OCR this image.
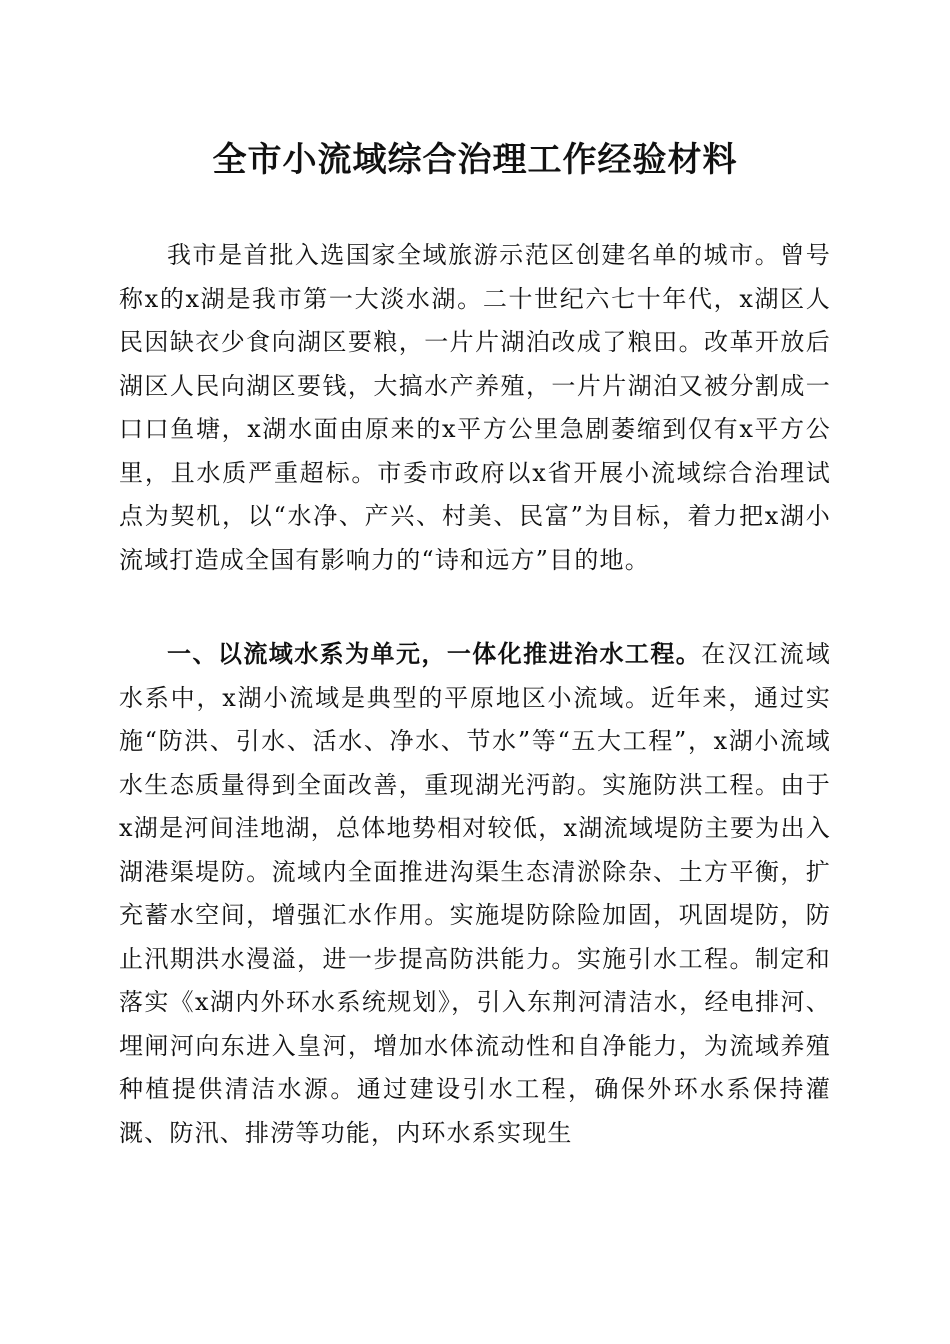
全市小流域综合治理工作经验材料

我市是首批入选国家全域旅游示范区创建名单的城市。曾号称x的x湖是我市第一大淡水湖。二十世纪六七十年代，x湖区人民因缺衣少食向湖区要粮，一片片湖泊改成了粮田。改革开放后湖区人民向湖区要钱，大搞水产养殖，一片片湖泊又被分割成一口口鱼塘，x湖水面由原来的x平方公里急剧萎缩到仅有x平方公里，且水质严重超标。市委市政府以x省开展小流域综合治理试点为契机，以“水净、产兴、村美、民富”为目标，着力把x湖小流域打造成全国有影响力的“诗和远方”目的地。

一、以流域水系为单元，一体化推进治水工程。在汉江流域水系中，x湖小流域是典型的平原地区小流域。近年来，通过实施“防洪、引水、活水、净水、节水”等“五大工程”，x湖小流域水生态质量得到全面改善，重现湖光沔韵。实施防洪工程。由于x湖是河间洼地湖，总体地势相对较低，x湖流域堤防主要为出入湖港渠堤防。流域内全面推进沟渠生态清淤除杂、土方平衡，扩充蓄水空间，增强汇水作用。实施堤防除险加固，巩固堤防，防止汛期洪水漫溢，进一步提高防洪能力。实施引水工程。制定和落实《x湖内外环水系统规划》，引入东荆河清洁水，经电排河、埋闸河向东进入皇河，增加水体流动性和自净能力，为流域养殖种植提供清洁水源。通过建设引水工程，确保外环水系保持灌溉、防汛、排涝等功能，内环水系实现生
